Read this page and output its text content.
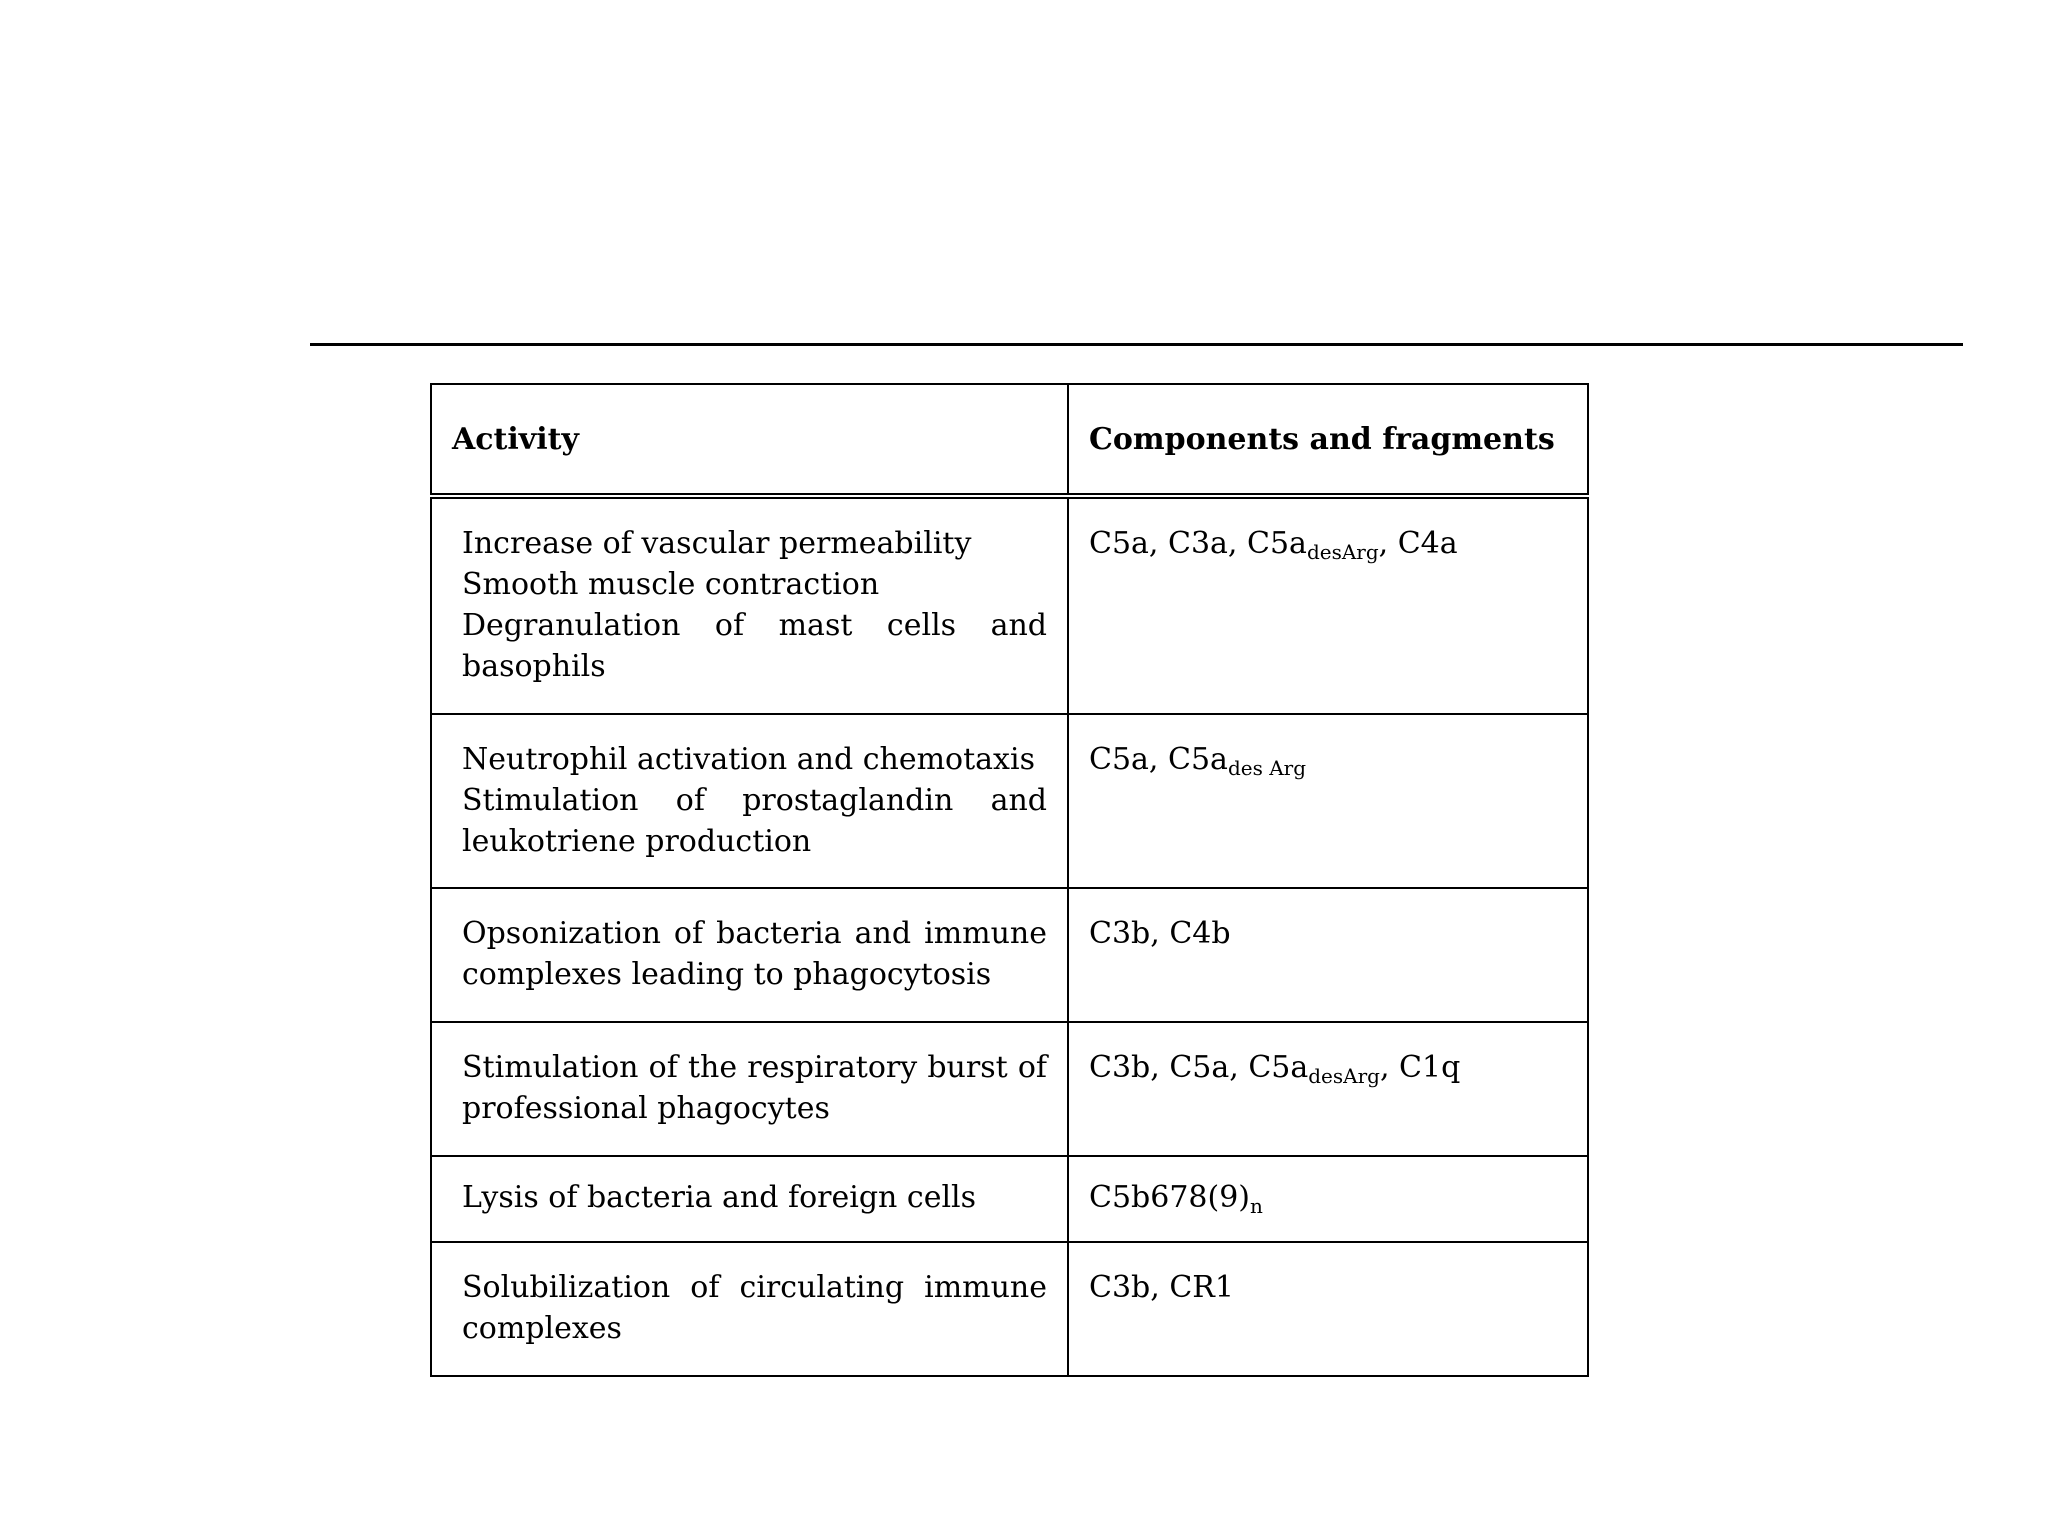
Activity	Components and fragments

Increase of vascular permeability
Smooth muscle contraction
Degranulation of mast cells and basophils	C5a, C3a, $C5a_{desArg}$, C4a

Neutrophil activation and chemotaxis
Stimulation of prostaglandin and leukotriene production	C5a, $C5a_{des Arg}$

Opsonization of bacteria and immune complexes leading to phagocytosis	C3b, C4b

Stimulation of the respiratory burst of professional phagocytes	C3b, C5a, $C5a_{desArg}$, C1q

Lysis of bacteria and foreign cells	$C5b678(9)_n$

Solubilization of circulating immune complexes	C3b, CR1
